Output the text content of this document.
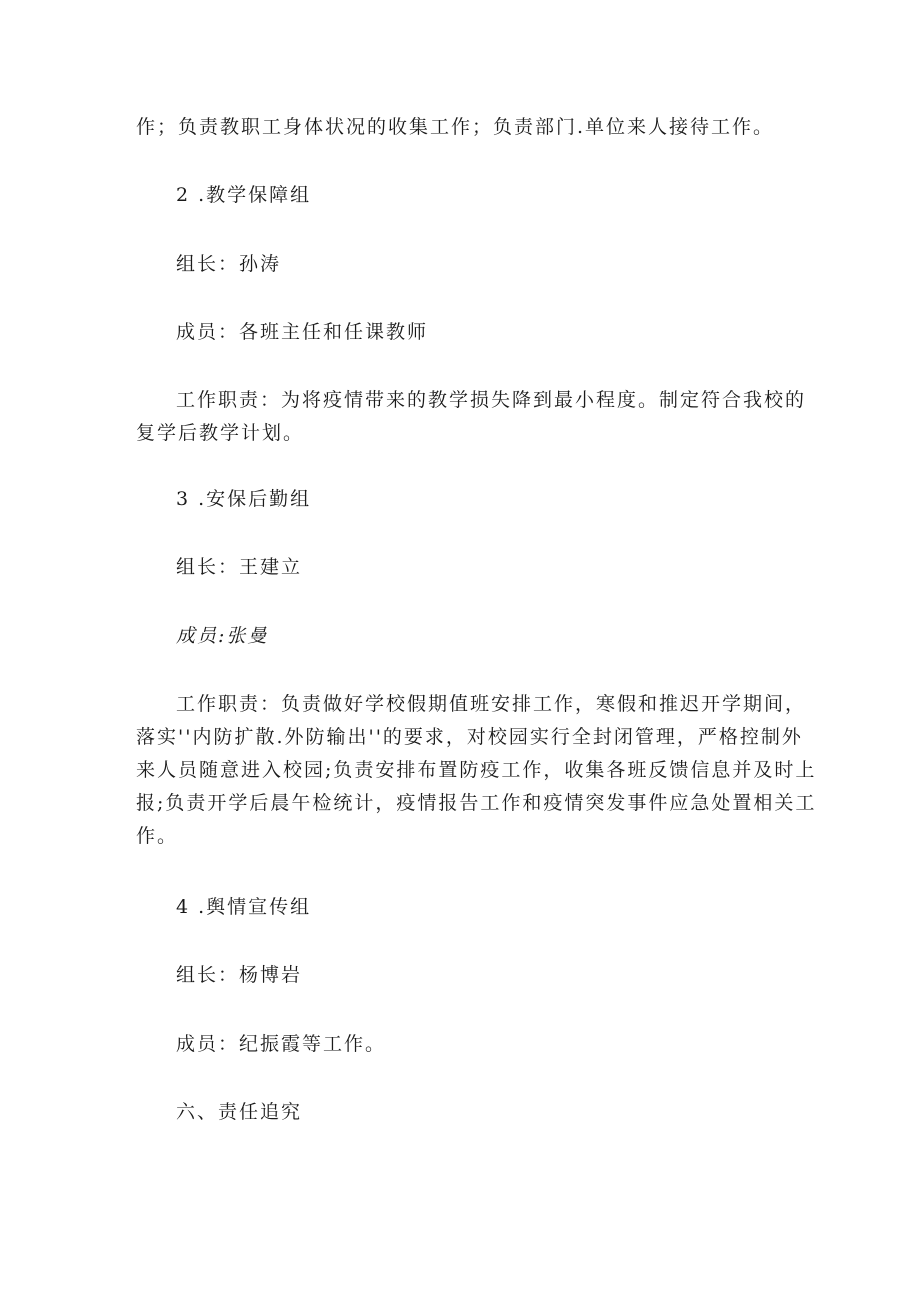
作；负责教职工身体状况的收集工作；负责部门.单位来人接待工作。
2 .教学保障组
组长：孙涛
成员：各班主任和任课教师
工作职责：为将疫情带来的教学损失降到最小程度。制定符合我校的
复学后教学计划。
3 .安保后勤组
组长：王建立
成员:张曼
工作职责：负责做好学校假期值班安排工作，寒假和推迟开学期间，
落实''内防扩散.外防输出''的要求，对校园实行全封闭管理，严格控制外
来人员随意进入校园;负责安排布置防疫工作，收集各班反馈信息并及时上
报;负责开学后晨午检统计，疫情报告工作和疫情突发事件应急处置相关工
作。
4 .舆情宣传组
组长：杨博岩
成员：纪振霞等工作。
六、责任追究
